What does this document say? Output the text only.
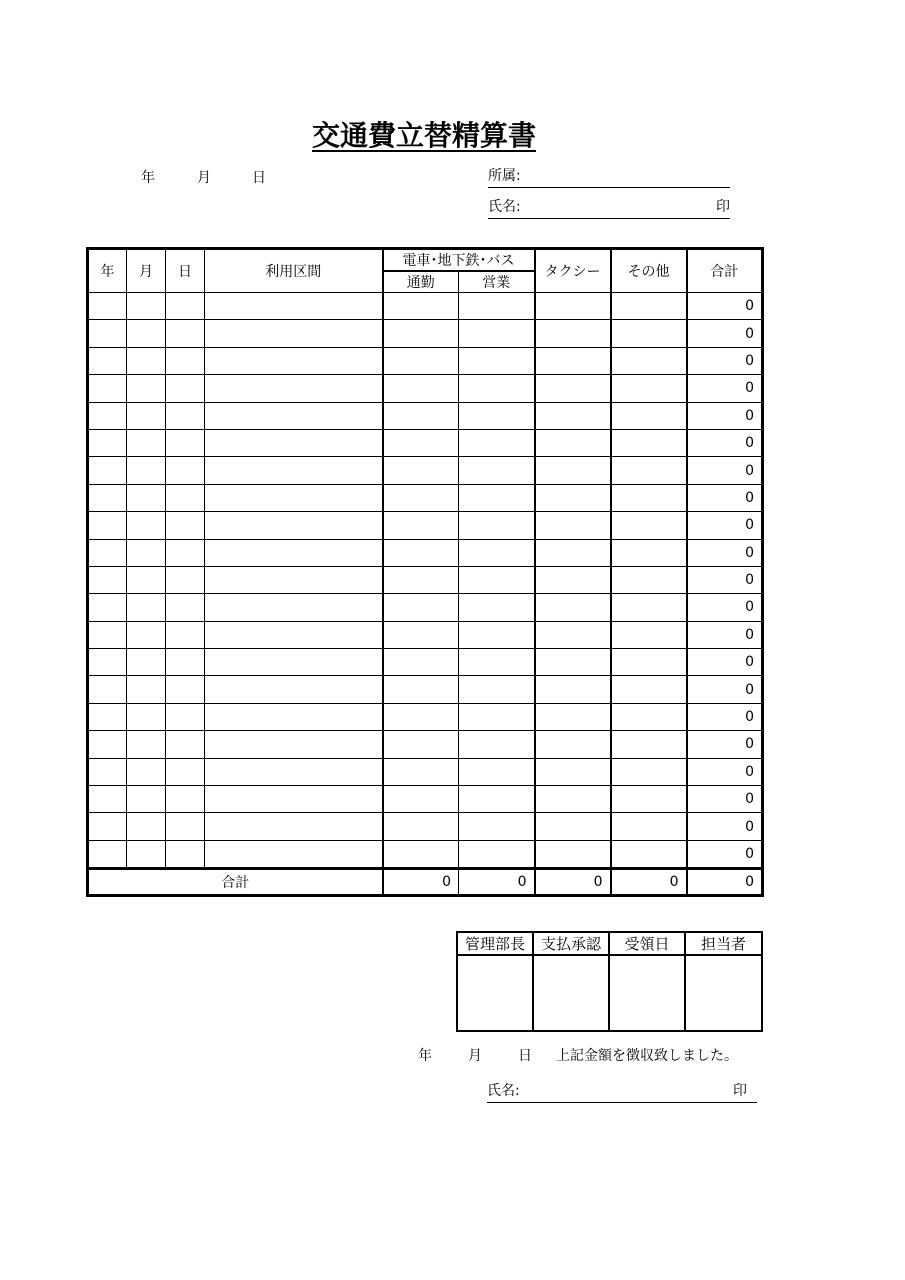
交通費立替精算書
年	月	日	所属:
氏名:	印
年	月	日	利用区間	電車･地下鉄･バス		タクシー	その他	合計
				通勤	営業			
								0
								0
								0
								0
								0
								0
								0
								0
								0
								0
								0
								0
								0
								0
								0
								0
								0
								0
								0
								0
								0
合計				0	0	0	0	0
管理部長	支払承認	受領日	担当者

年	月	日 上記金額を徴収致しました。
氏名:	印
